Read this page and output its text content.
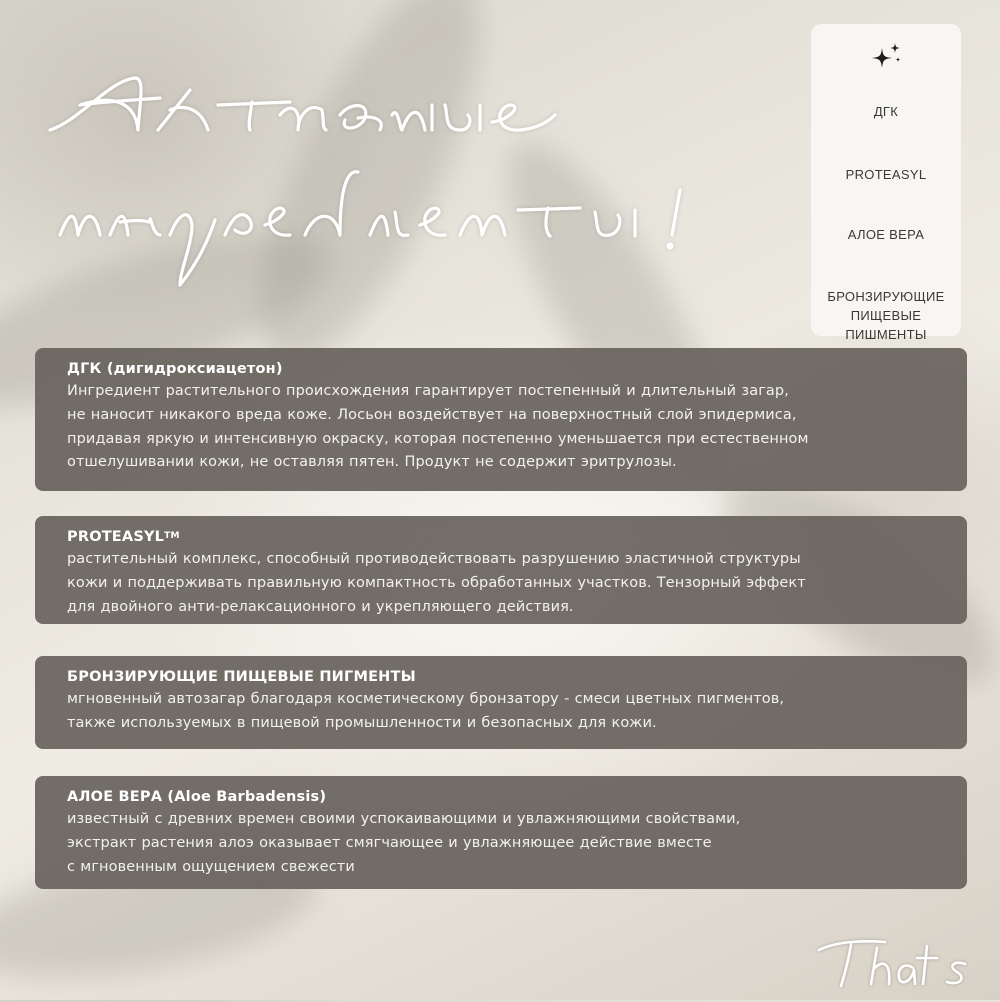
ДГК
PROTEASYL
АЛОЕ ВЕРА
БРОНЗИРУЮЩИЕ
ПИЩЕВЫЕ
ПИШМЕНТЫ
ДГК (дигидроксиацетон)
Ингредиент растительного происхождения гарантирует постепенный и длительный загар,
не наносит никакого вреда коже. Лосьон воздействует на поверхностный слой эпидермиса,
придавая яркую и интенсивную окраску, которая постепенно уменьшается при естественном
отшелушивании кожи, не оставляя пятен. Продукт не содержит эритрулозы.
PROTEASYL™
растительный комплекс, способный противодействовать разрушению эластичной структуры
кожи и поддерживать правильную компактность обработанных участков. Тензорный эффект
для двойного анти-релаксационного и укрепляющего действия.
БРОНЗИРУЮЩИЕ ПИЩЕВЫЕ ПИГМЕНТЫ
мгновенный автозагар благодаря косметическому бронзатору - смеси цветных пигментов,
также используемых в пищевой промышленности и безопасных для кожи.
АЛОЕ ВЕРА (Aloe Barbadensis)
известный с древних времен своими успокаивающими и увлажняющими свойствами,
экстракт растения алоэ оказывает смягчающее и увлажняющее действие вместе
с мгновенным ощущением свежести
Thats
